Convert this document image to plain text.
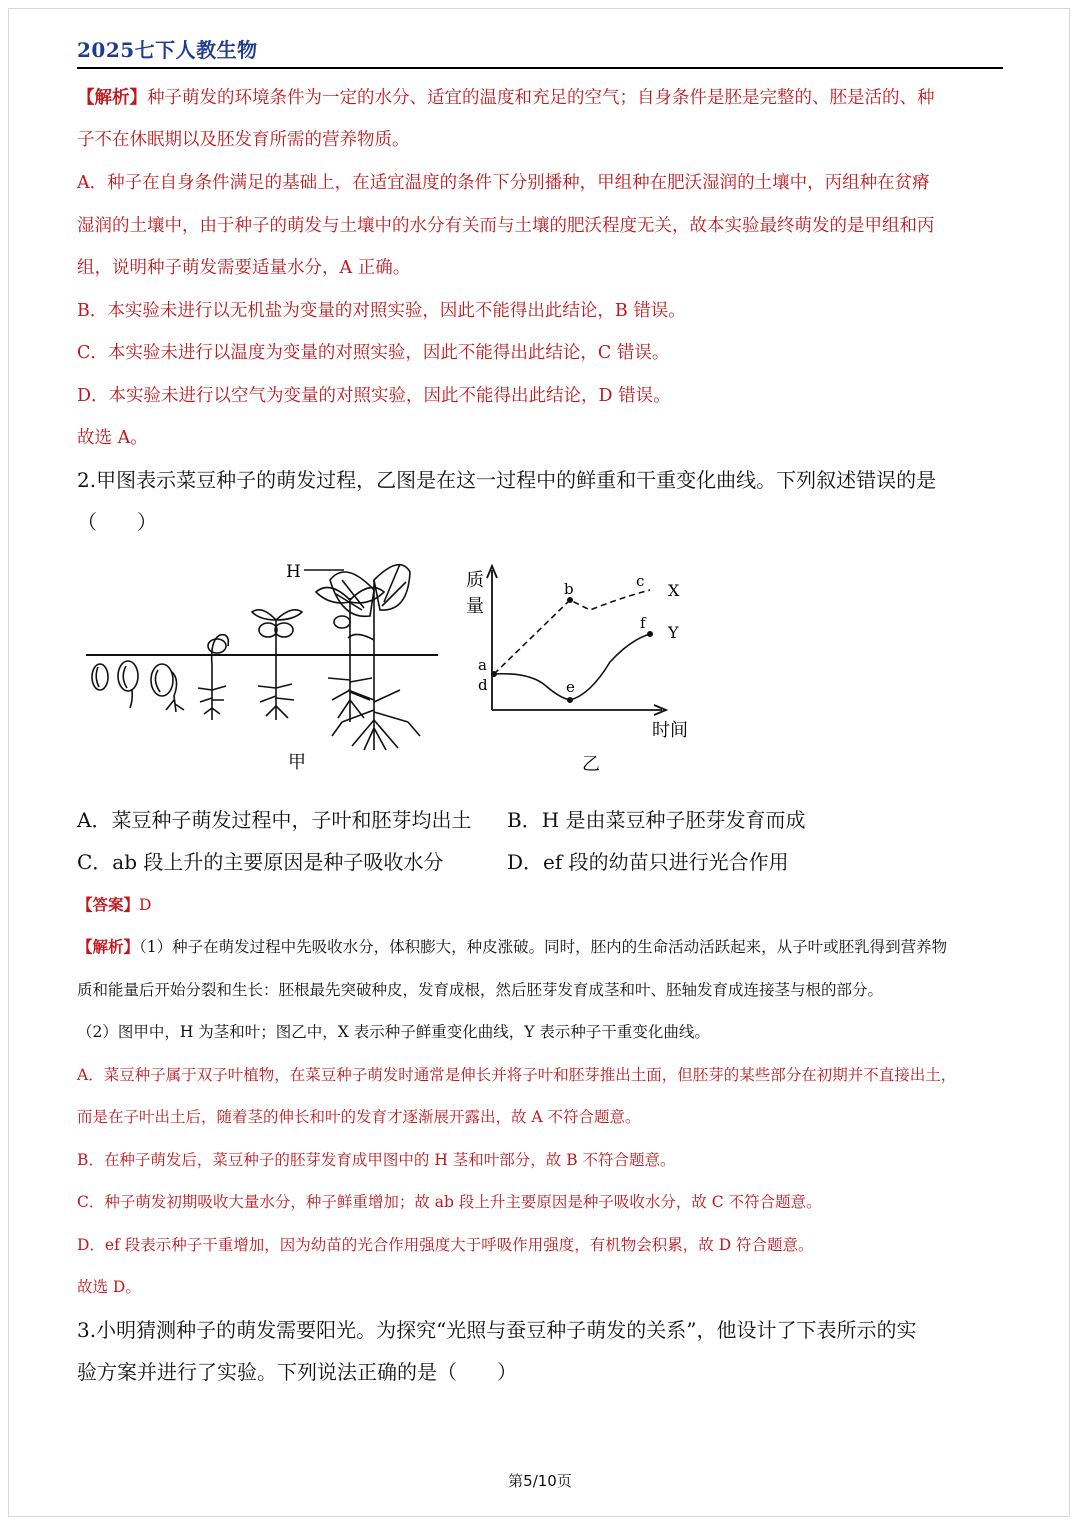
2025七下人教生物
【解析】种子萌发的环境条件为一定的水分、适宜的温度和充足的空气；自身条件是胚是完整的、胚是活的、种
子不在休眠期以及胚发育所需的营养物质。
A．种子在自身条件满足的基础上，在适宜温度的条件下分别播种，甲组种在肥沃湿润的土壤中，丙组种在贫瘠
湿润的土壤中，由于种子的萌发与土壤中的水分有关而与土壤的肥沃程度无关，故本实验最终萌发的是甲组和丙
组，说明种子萌发需要适量水分，A 正确。
B．本实验未进行以无机盐为变量的对照实验，因此不能得出此结论，B 错误。
C．本实验未进行以温度为变量的对照实验，因此不能得出此结论，C 错误。
D．本实验未进行以空气为变量的对照实验，因此不能得出此结论，D 错误。
故选 A。
2.甲图表示菜豆种子的萌发过程，乙图是在这一过程中的鲜重和干重变化曲线。下列叙述错误的是
（　　）
H	质
量
时间
a
d
b	c
e
f
X
Y
甲	乙
A．菜豆种子萌发过程中，子叶和胚芽均出土 B．H 是由菜豆种子胚芽发育而成
C．ab 段上升的主要原因是种子吸收水分	D．ef 段的幼苗只进行光合作用
【答案】D
【解析】（1）种子在萌发过程中先吸收水分，体积膨大，种皮涨破。同时，胚内的生命活动活跃起来，从子叶或胚乳得到营养物
质和能量后开始分裂和生长：胚根最先突破种皮，发育成根，然后胚芽发育成茎和叶、胚轴发育成连接茎与根的部分。
（2）图甲中，H 为茎和叶；图乙中，X 表示种子鲜重变化曲线，Y 表示种子干重变化曲线。
A．菜豆种子属于双子叶植物，在菜豆种子萌发时通常是伸长并将子叶和胚芽推出土面，但胚芽的某些部分在初期并不直接出土，
而是在子叶出土后，随着茎的伸长和叶的发育才逐渐展开露出，故 A 不符合题意。
B．在种子萌发后，菜豆种子的胚芽发育成甲图中的 H 茎和叶部分，故 B 不符合题意。
C．种子萌发初期吸收大量水分，种子鲜重增加；故 ab 段上升主要原因是种子吸收水分，故 C 不符合题意。
D．ef 段表示种子干重增加，因为幼苗的光合作用强度大于呼吸作用强度，有机物会积累，故 D 符合题意。
故选 D。
3.小明猜测种子的萌发需要阳光。为探究“光照与蚕豆种子萌发的关系”，他设计了下表所示的实
验方案并进行了实验。下列说法正确的是（　　）
第5/10页
